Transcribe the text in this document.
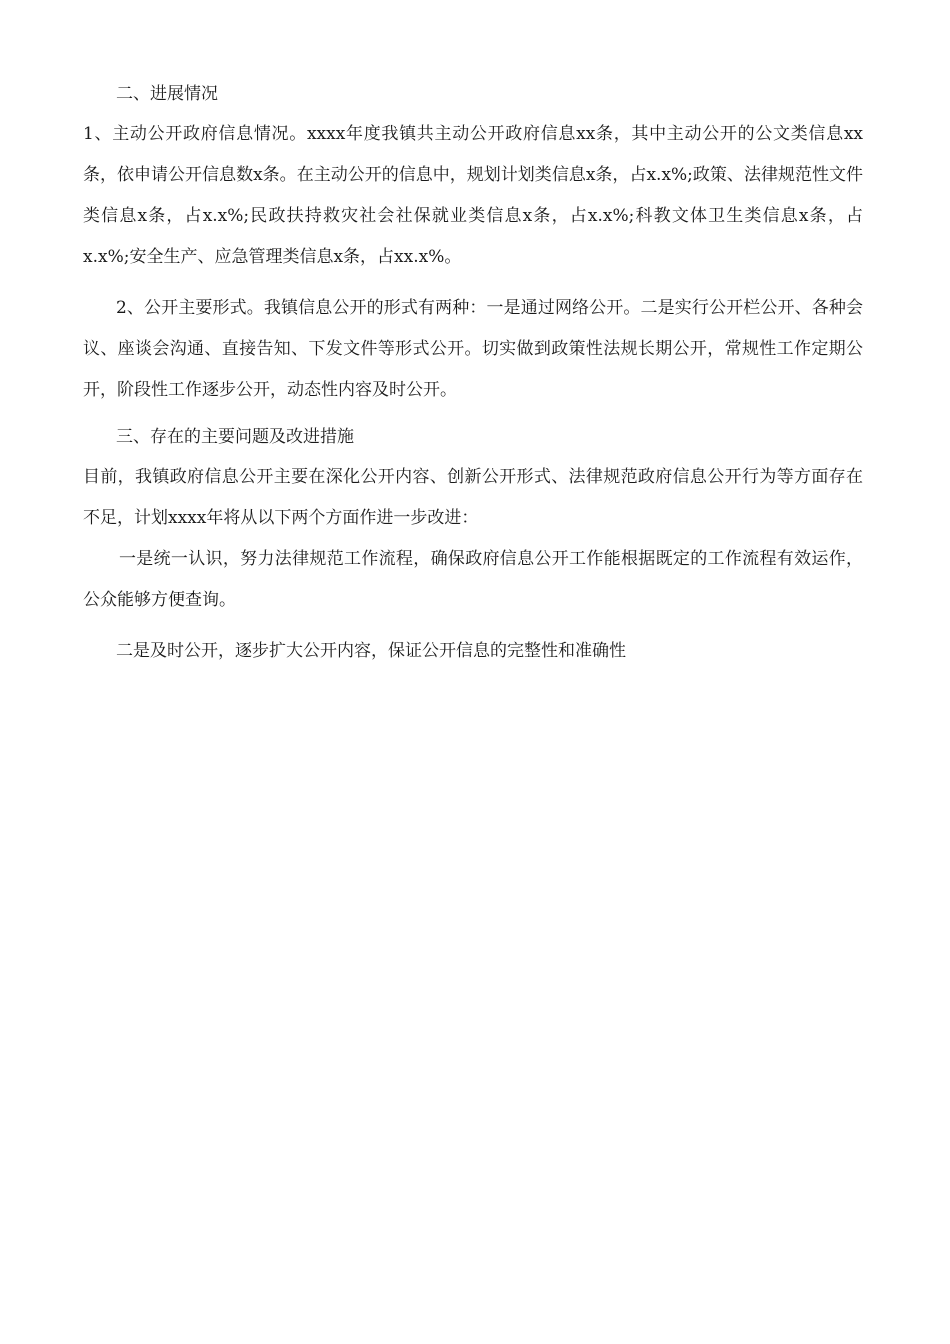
二、进展情况

1、主动公开政府信息情况。xxxx年度我镇共主动公开政府信息xx条，其中主动公开的公文类信息xx条，依申请公开信息数x条。在主动公开的信息中，规划计划类信息x条，占x.x%;政策、法律规范性文件类信息x条，占x.x%;民政扶持救灾社会社保就业类信息x条，占x.x%;科教文体卫生类信息x条，占x.x%;安全生产、应急管理类信息x条，占xx.x%。

2、公开主要形式。我镇信息公开的形式有两种：一是通过网络公开。二是实行公开栏公开、各种会议、座谈会沟通、直接告知、下发文件等形式公开。切实做到政策性法规长期公开，常规性工作定期公开，阶段性工作逐步公开，动态性内容及时公开。

三、存在的主要问题及改进措施

目前，我镇政府信息公开主要在深化公开内容、创新公开形式、法律规范政府信息公开行为等方面存在不足，计划xxxx年将从以下两个方面作进一步改进：

一是统一认识，努力法律规范工作流程，确保政府信息公开工作能根据既定的工作流程有效运作，公众能够方便查询。

二是及时公开，逐步扩大公开内容，保证公开信息的完整性和准确性
